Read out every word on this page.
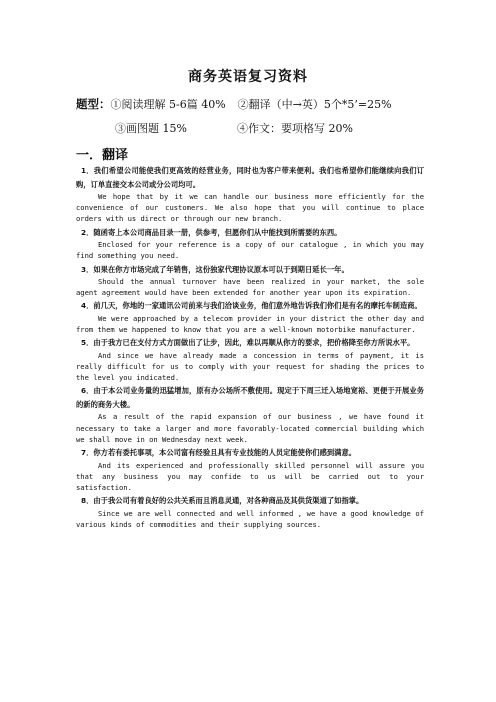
商务英语复习资料
题型：①阅读理解 5-6篇 40% ②翻译（中→英）5个*5’=25%
③画图题 15%	④作文：要项格写 20%
一．翻译

1．我们希望公司能使我们更高效的经营业务，同时也为客户带来便利。我们也希望你们能继续向我们订购，订单直接交本公司或分公司均可。

We hope that by it we can handle our business more efficiently for the convenience of our customers. We also hope that you will continue to place orders with us direct or through our new branch.

2．随函寄上本公司商品目录一册，供参考，但愿你们从中能找到所需要的东西。

Enclosed for your reference is a copy of our catalogue , in which you may find something you need.

3．如果在你方市场完成了年销售，这份独家代理协议原本可以于到期日延长一年。

Should the annual turnover have been realized in your market, the sole agent agreement would have been extended for another year upon its expiration.

4．前几天，你地的一家通讯公司前来与我们洽谈业务，他们意外地告诉我们你们是有名的摩托车制造商。

We were approached by a telecom provider in your district the other day and from them we happened to know that you are a well-known motorbike manufacturer.

5．由于我方已在支付方式方面做出了让步，因此，难以再顺从你方的要求，把价格降至你方所说水平。

And since we have already made a concession in terms of payment, it is really difficult for us to comply with your request for shading the prices to the level you indicated.

6．由于本公司业务量的迅猛增加，原有办公场所不敷使用。现定于下周三迁入场地宽裕、更便于开展业务的新的商务大楼。

As a result of the rapid expansion of our business , we have found it necessary to take a larger and more favorably-located commercial building which we shall move in on Wednesday next week.

7．你方若有委托事项，本公司富有经验且具有专业技能的人员定能使你们感到满意。

And its experienced and professionally skilled personnel will assure you that any business you may confide to us will be carried out to your satisfaction.

8．由于我公司有着良好的公共关系而且消息灵通，对各种商品及其供货渠道了如指掌。

Since we are well connected and well informed , we have a good knowledge of various kinds of commodities and their supplying sources.
